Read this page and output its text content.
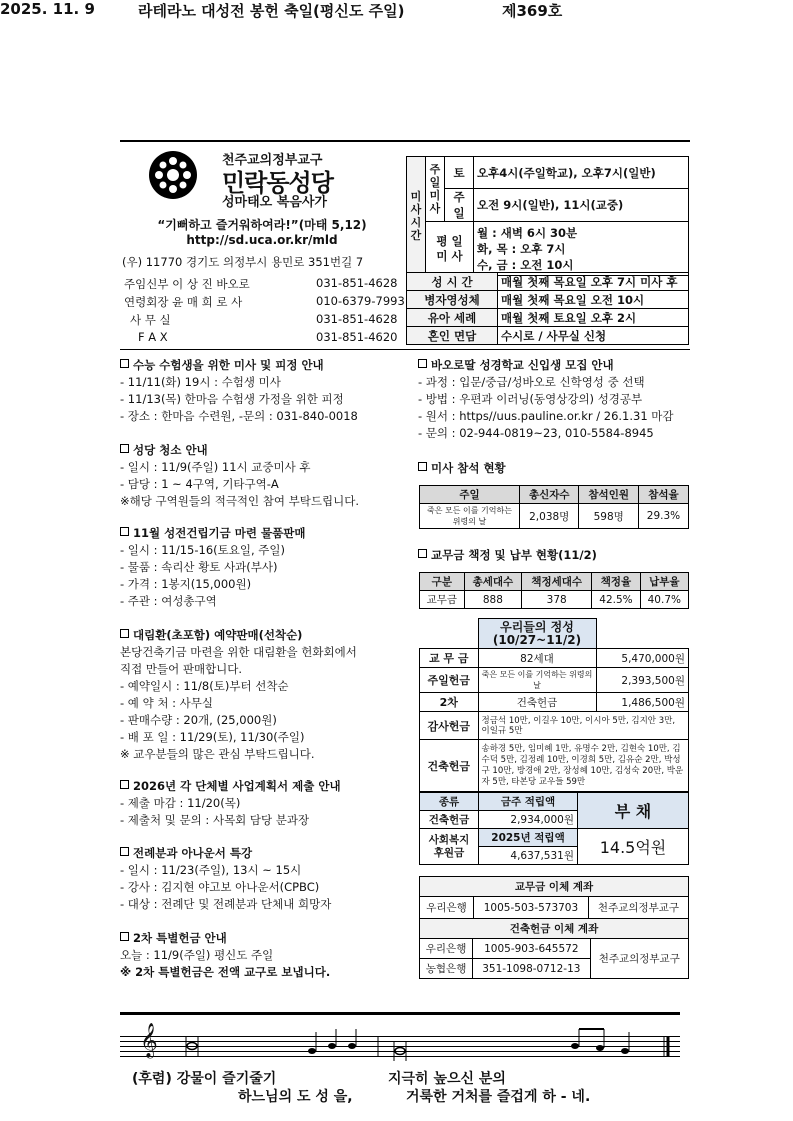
2025. 11. 9	라테라노 대성전 봉헌 축일(평신도 주일)	제369호
천주교의정부교구
민락동성당
성마태오 복음사가
“기뻐하고 즐거워하여라!”(마태 5,12)
http://sd.uca.or.kr/mld
(우) 11770 경기도 의정부시 용민로 351번길 7
주임신부 이 상 진 바오로	031-851-4628
연령회장 윤 매 희 로 사	010-6379-7993
사 무 실	031-851-4628
F A X	031-851-4620
미사시간	주일미사	토	오후4시(주일학교), 오후7시(일반)
		주일	오전 9시(일반), 11시(교중)
	평 일 미 사		월 : 새벽 6시 30분
화, 목 : 오후 7시
수, 금 : 오전 10시

성 시 간	매월 첫째 목요일 오후 7시 미사 후
병자영성체	매월 첫째 목요일 오전 10시
유아 세례	매월 첫째 토요일 오후 2시
혼인 면담	수시로 / 사무실 신청
수능 수험생을 위한 미사 및 피정 안내
- 11/11(화) 19시 : 수험생 미사
- 11/13(목) 한마음 수험생 가정을 위한 피정
- 장소 : 한마음 수련원, -문의 : 031-840-0018
성당 청소 안내
- 일시 : 11/9(주일) 11시 교중미사 후
- 담당 : 1 ~ 4구역, 기타구역-A
※해당 구역원들의 적극적인 참여 부탁드립니다.
11월 성전건립기금 마련 물품판매
- 일시 : 11/15-16(토요일, 주일)
- 물품 : 속리산 황토 사과(부사)
- 가격 : 1봉지(15,000원)
- 주관 : 여성총구역
대림환(초포함) 예약판매(선착순)
본당건축기금 마련을 위한 대림환을 헌화회에서
직접 만들어 판매합니다.
- 예약일시 : 11/8(토)부터 선착순
- 예 약 처 : 사무실
- 판매수량 : 20개, (25,000원)
- 배 포 일 : 11/29(토), 11/30(주일)
※ 교우분들의 많은 관심 부탁드립니다.
2026년 각 단체별 사업계획서 제출 안내
- 제출 마감 : 11/20(목)
- 제출처 및 문의 : 사목회 담당 분과장
전례분과 아나운서 특강
- 일시 : 11/23(주일), 13시 ~ 15시
- 강사 : 김지현 야고보 아나운서(CPBC)
- 대상 : 전례단 및 전례분과 단체내 희망자
2차 특별헌금 안내
오늘 : 11/9(주일) 평신도 주일
※ 2차 특별헌금은 전액 교구로 보냅니다.
바오로딸 성경학교 신입생 모집 안내
- 과정 : 입문/중급/성바오로 신학영성 중 선택
- 방법 : 우편과 이러닝(동영상강의) 성경공부
- 원서 : https//uus.pauline.or.kr / 26.1.31 마감
- 문의 : 02-944-0819~23, 010-5584-8945
미사 참석 현황
주일	총신자수	참석인원	참석율
죽은 모든 이를 기억하는 위령의 날	2,038명	598명	29.3%
교무금 책정 및 납부 현황(11/2)
구분	총세대수	책정세대수	책정율	납부율
교무금	888	378	42.5%	40.7%

	우리들의 정성
(10/27~11/2)	

교 무 금	82세대	5,470,000원
주일헌금	죽은 모든 이를 기억하는 위령의 날	2,393,500원
2차	건축헌금	1,486,500원
감사헌금	정금석 10만, 이길우 10만, 이시아 5만, 김지안 3만, 이일규 5만	
건축헌금	송하경 5만, 임미혜 1만, 유명수 2만, 김현숙 10만, 김수덕 5만, 김정례 10만, 이경희 5만, 김유순 2만, 박성구 10만, 방경애 2만, 장성혜 10만, 김성숙 20만, 박운자 5만, 타본당 교우들 59만	
종류	금주 적립액	부 채
건축헌금	2,934,000원	
사회복지 후원금	2025년 적립액	14.5억원
	4,637,531원	
교무금 이체 계좌
우리은행	1005-503-573703	천주교의정부교구
건축헌금 이체 계좌		
우리은행	1005-903-645572	천주교의정부교구
농협은행	351-1098-0712-13	
𝄞
(후렴) 강물이 즐기줄기	지극히 높으신 분의
하느님의 도 성 을,	거룩한 거처를 즐겁게 하 - 네.
